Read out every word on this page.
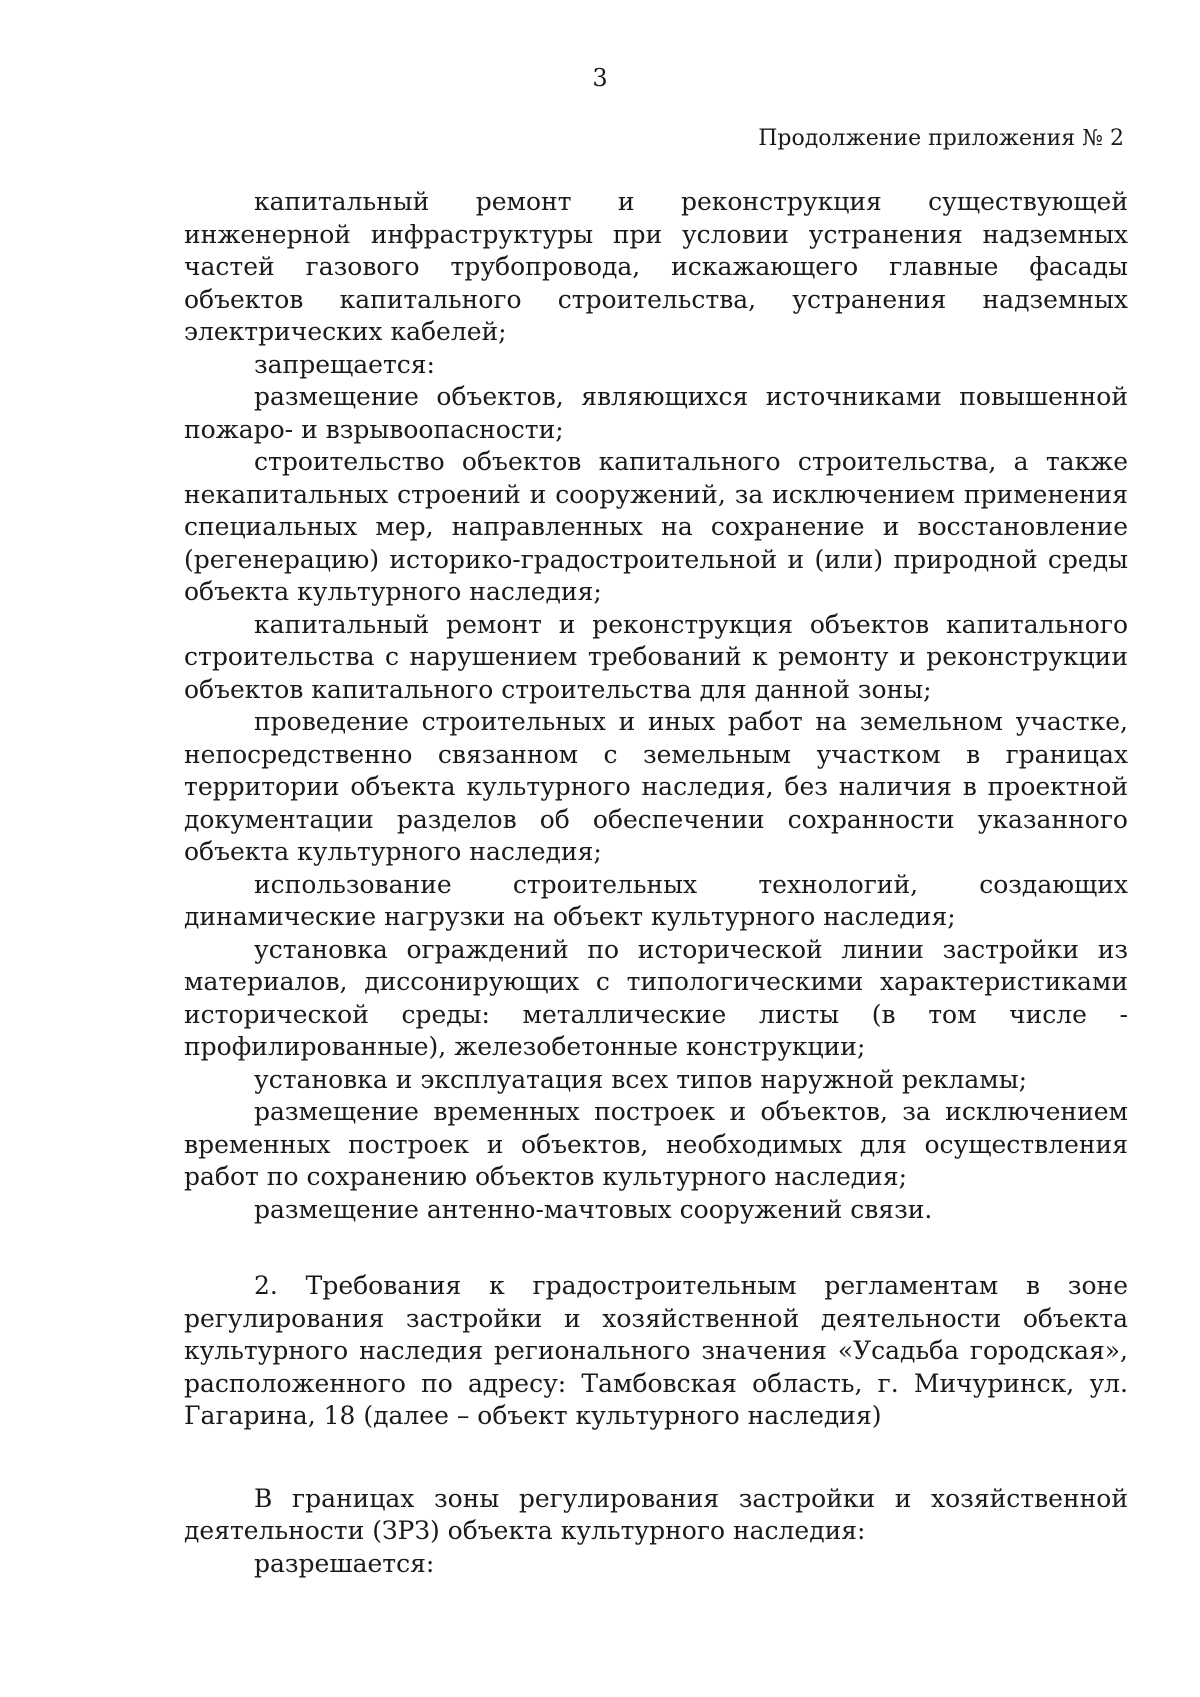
3
Продолжение приложения № 2

капитальный ремонт и реконструкция существующей инженерной инфраструктуры при условии устранения надземных частей газового трубопровода, искажающего главные фасады объектов капитального строительства, устранения надземных электрических кабелей;

запрещается:

размещение объектов, являющихся источниками повышенной пожаро- и взрывоопасности;

строительство объектов капитального строительства, а также некапитальных строений и сооружений, за исключением применения специальных мер, направленных на сохранение и восстановление (регенерацию) историко-градостроительной и (или) природной среды объекта культурного наследия;

капитальный ремонт и реконструкция объектов капитального строительства с нарушением требований к ремонту и реконструкции объектов капитального строительства для данной зоны;

проведение строительных и иных работ на земельном участке, непосредственно связанном с земельным участком в границах территории объекта культурного наследия, без наличия в проектной документации разделов об обеспечении сохранности указанного объекта культурного наследия;

использование строительных технологий, создающих динамические нагрузки на объект культурного наследия;

установка ограждений по исторической линии застройки из материалов, диссонирующих с типологическими характеристиками исторической среды: металлические листы (в том числе - профилированные), железобетонные конструкции;

установка и эксплуатация всех типов наружной рекламы;

размещение временных построек и объектов, за исключением временных построек и объектов, необходимых для осуществления работ по сохранению объектов культурного наследия;

размещение антенно-мачтовых сооружений связи.

2. Требования к градостроительным регламентам в зоне регулирования застройки и хозяйственной деятельности объекта культурного наследия регионального значения «Усадьба городская», расположенного по адресу: Тамбовская область, г. Мичуринск, ул. Гагарина, 18 (далее – объект культурного наследия)

В границах зоны регулирования застройки и хозяйственной деятельности (ЗРЗ) объекта культурного наследия:

разрешается:
